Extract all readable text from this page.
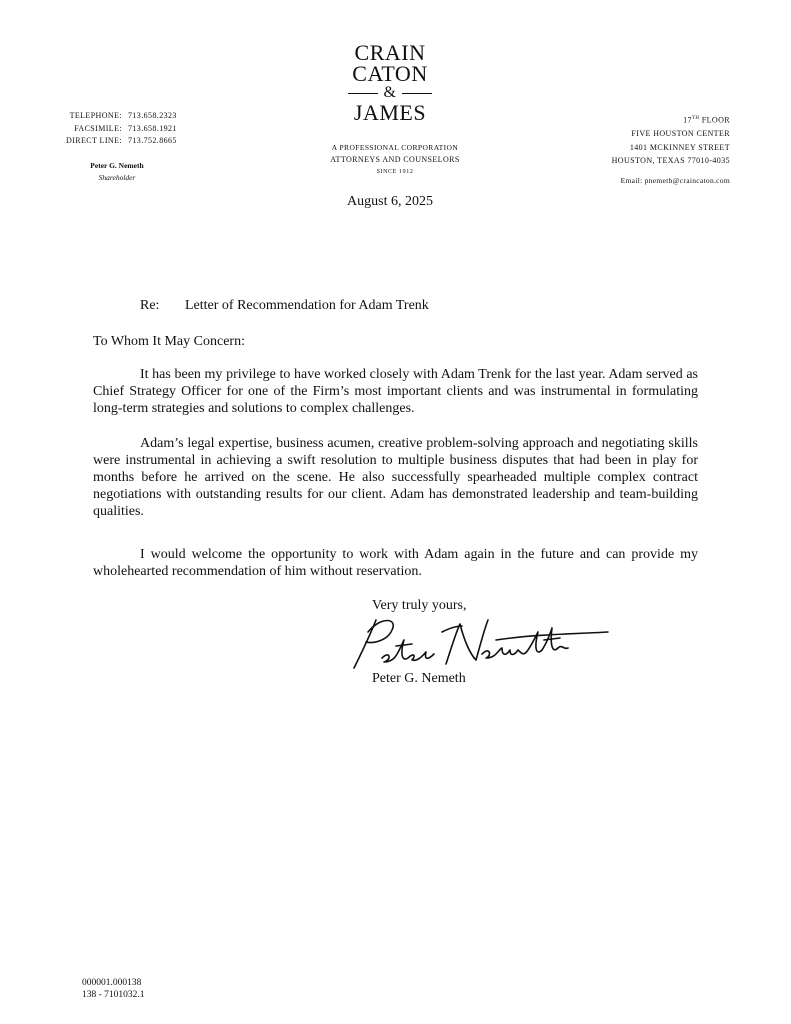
TELEPHONE: 713.658.2323
FACSIMILE: 713.658.1921
DIRECT LINE: 713.752.8665
Peter G. Nemeth
Shareholder
CRAIN
CATON
&
JAMES
A PROFESSIONAL CORPORATION
ATTORNEYS AND COUNSELORS
SINCE 1912
17TH FLOOR
FIVE HOUSTON CENTER
1401 MCKINNEY STREET
HOUSTON, TEXAS 77010-4035
Email: pnemeth@craincaton.com
August 6, 2025
Re: Letter of Recommendation for Adam Trenk
To Whom It May Concern:
It has been my privilege to have worked closely with Adam Trenk for the last year. Adam served as Chief Strategy Officer for one of the Firm’s most important clients and was instrumental in formulating long-term strategies and solutions to complex challenges.
Adam’s legal expertise, business acumen, creative problem-solving approach and negotiating skills were instrumental in achieving a swift resolution to multiple business disputes that had been in play for months before he arrived on the scene. He also successfully spearheaded multiple complex contract negotiations with outstanding results for our client. Adam has demonstrated leadership and team-building qualities.
I would welcome the opportunity to work with Adam again in the future and can provide my wholehearted recommendation of him without reservation.
Very truly yours,
Peter G. Nemeth
000001.000138
138 - 7101032.1
